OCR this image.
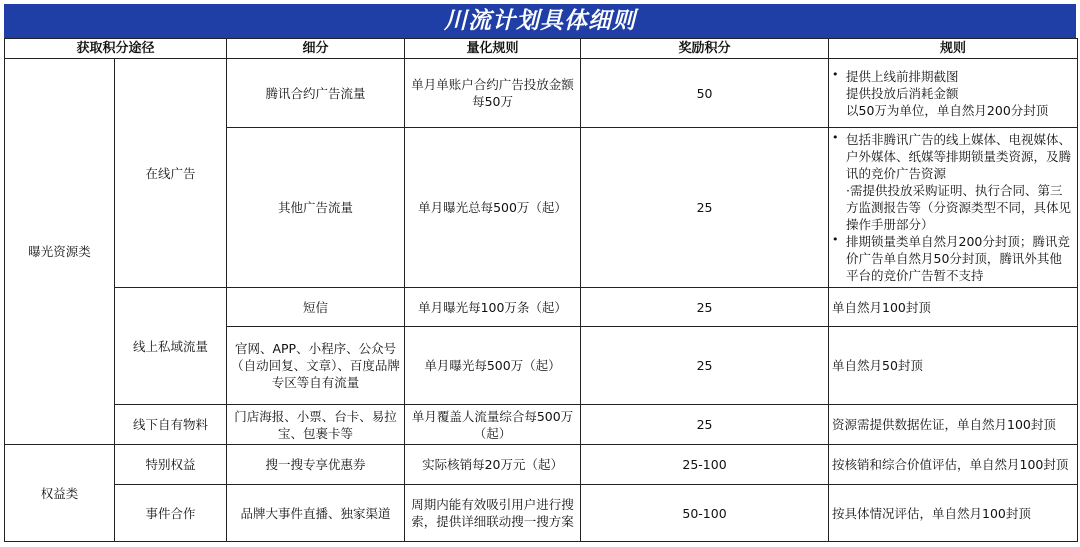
川流计划具体细则
获取积分途径		细分	量化规则	奖励积分	规则
曝光资源类	在线广告	腾讯合约广告流量	单月单账户合约广告投放金额每50万	50	• 提供上线前排期截图
提供投放后消耗金额
以50万为单位，单自然月200分封顶

		其他广告流量	单月曝光总每500万（起）	25	• 包括非腾讯广告的线上媒体、电视媒体、户外媒体、纸媒等排期锁量类资源，及腾讯的竞价广告资源
·需提供投放采购证明、执行合同、第三方监测报告等（分资源类型不同，具体见操作手册部分）
• 排期锁量类单自然月200分封顶；腾讯竞价广告单自然月50分封顶，腾讯外其他平台的竞价广告暂不支持

	线上私域流量	短信	单月曝光每100万条（起）	25	单自然月100封顶
		官网、APP、小程序、公众号（自动回复、文章）、百度品牌专区等自有流量	单月曝光每500万（起）	25	单自然月50封顶
	线下自有物料	门店海报、小票、台卡、易拉宝、包裹卡等	单月覆盖人流量综合每500万（起）	25	资源需提供数据佐证，单自然月100封顶
权益类	特别权益	搜一搜专享优惠券	实际核销每20万元（起）	25-100	按核销和综合价值评估，单自然月100封顶
	事件合作	品牌大事件直播、独家渠道	周期内能有效吸引用户进行搜索，提供详细联动搜一搜方案	50-100	按具体情况评估，单自然月100封顶
